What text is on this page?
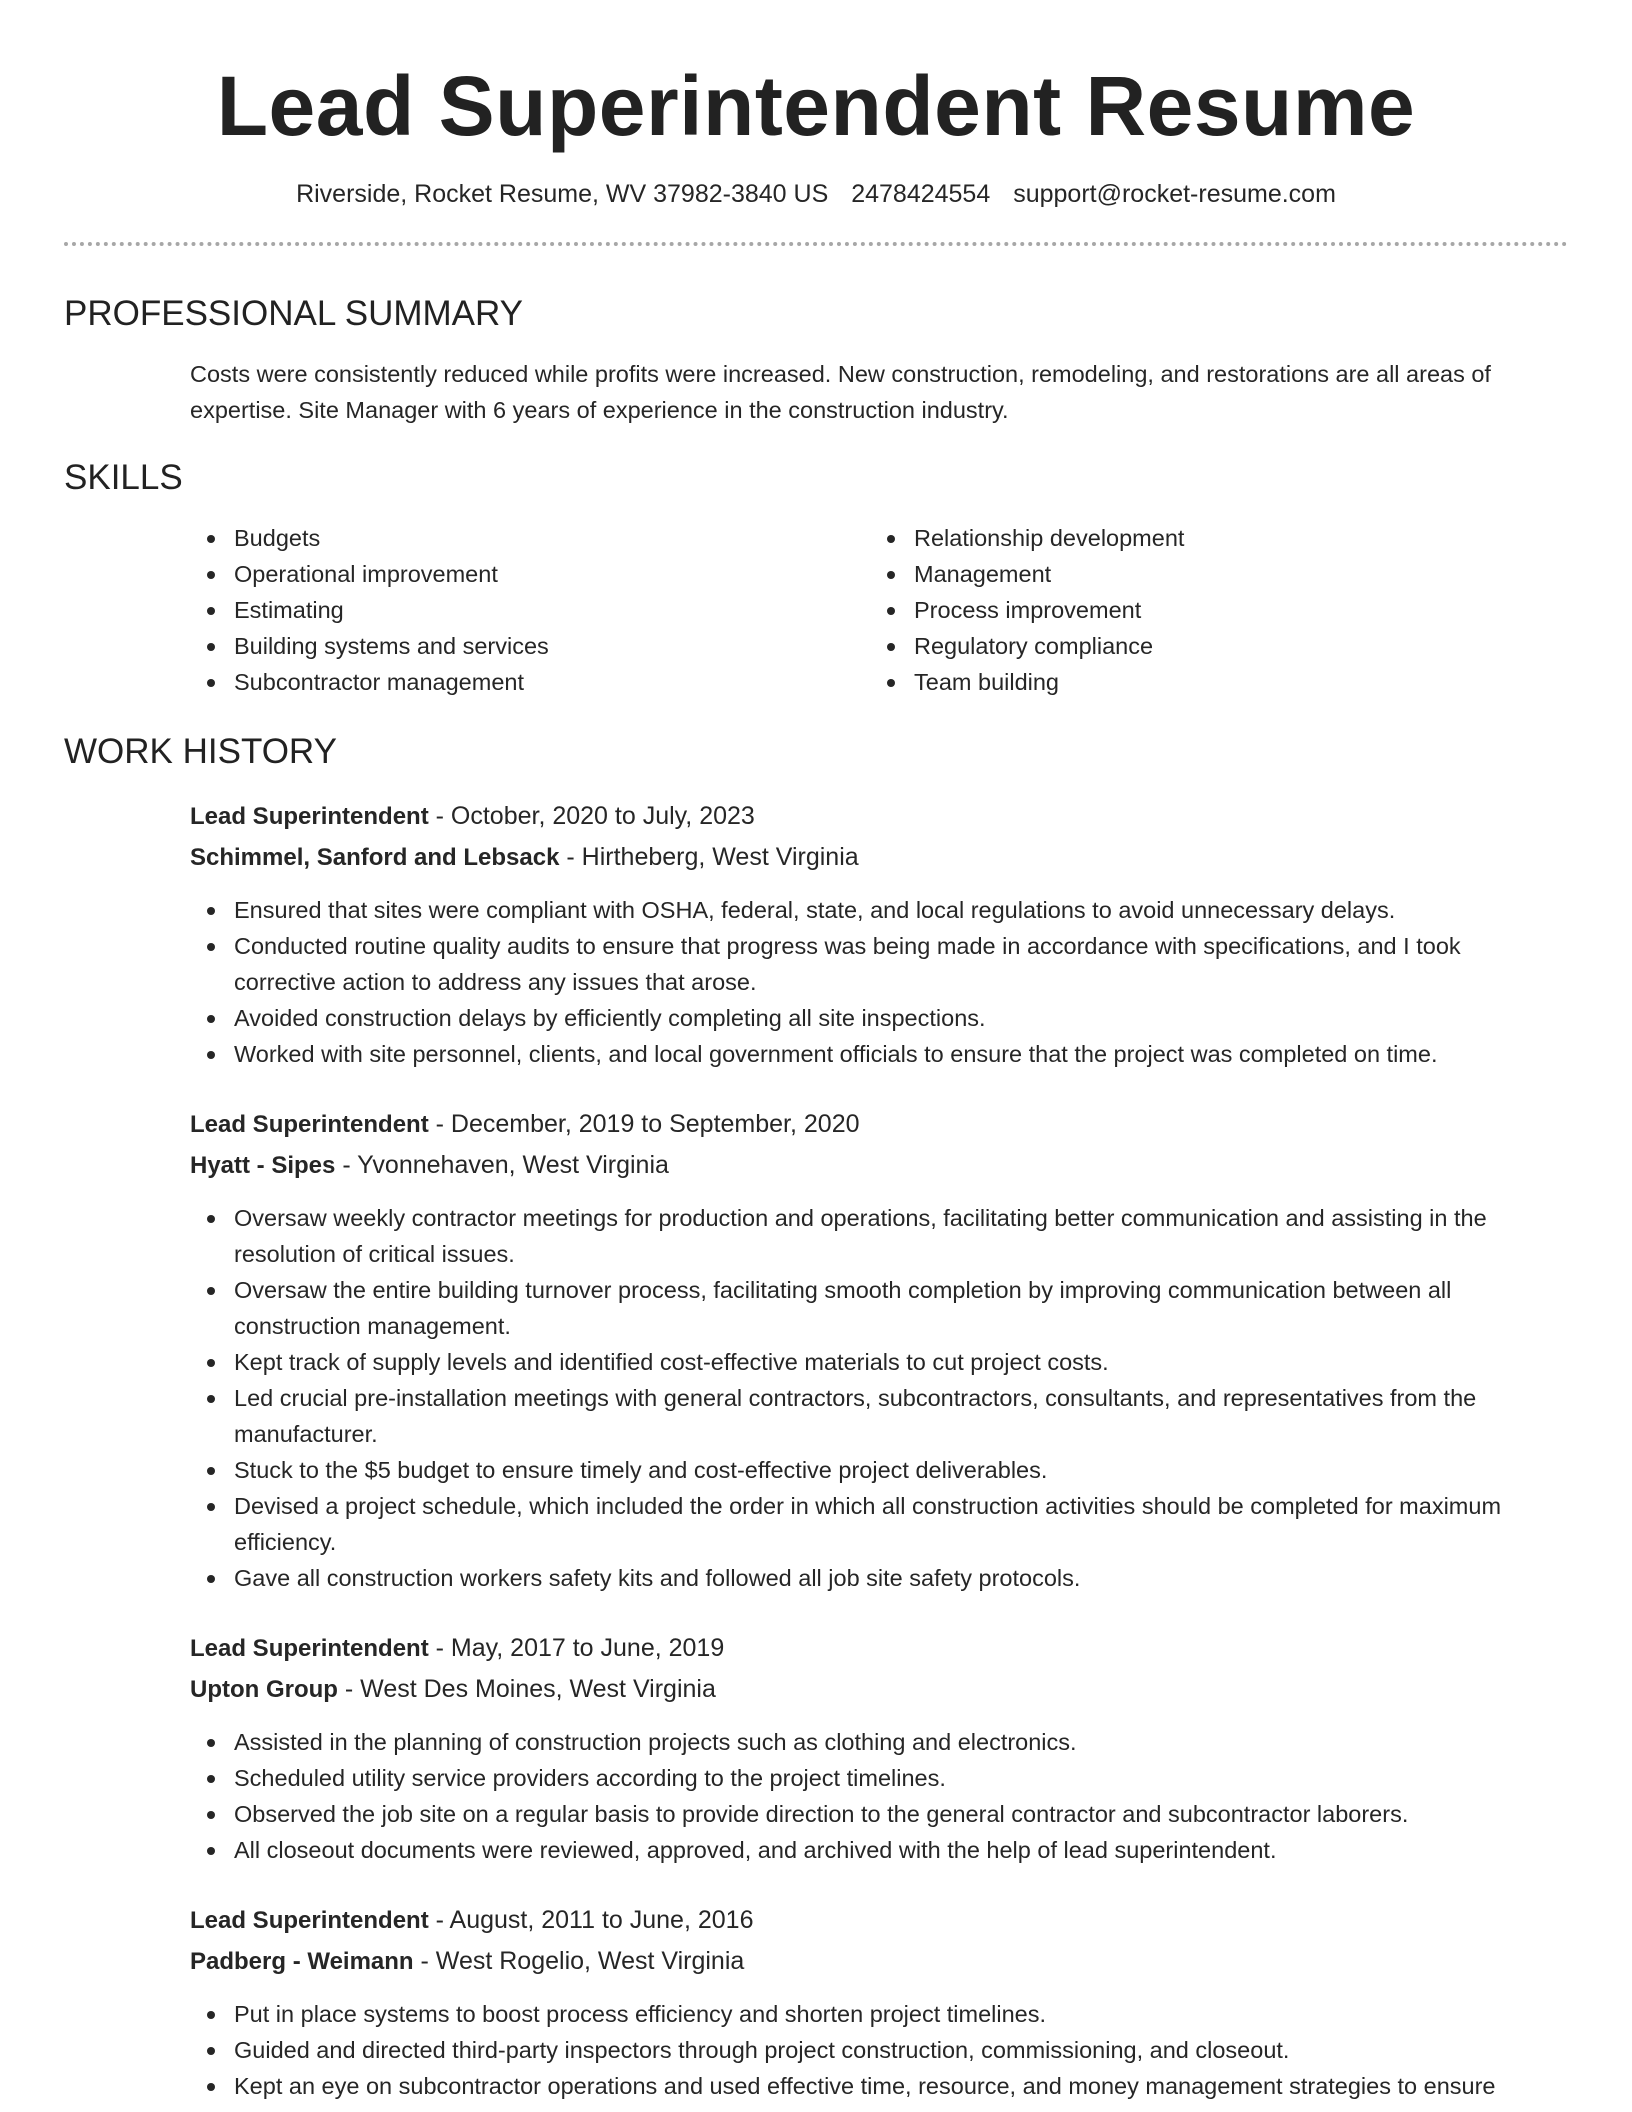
Lead Superintendent Resume
Riverside, Rocket Resume, WV 37982-3840 US 2478424554 support@rocket-resume.com
PROFESSIONAL SUMMARY

Costs were consistently reduced while profits were increased. New construction, remodeling, and restorations are all areas of expertise. Site Manager with 6 years of experience in the construction industry.

SKILLS
Budgets
Operational improvement
Estimating
Building systems and services
Subcontractor management
Relationship development
Management
Process improvement
Regulatory compliance
Team building
WORK HISTORY
Lead Superintendent - October, 2020 to July, 2023
Schimmel, Sanford and Lebsack - Hirtheberg, West Virginia
Ensured that sites were compliant with OSHA, federal, state, and local regulations to avoid unnecessary delays.
Conducted routine quality audits to ensure that progress was being made in accordance with specifications, and I took corrective action to address any issues that arose.
Avoided construction delays by efficiently completing all site inspections.
Worked with site personnel, clients, and local government officials to ensure that the project was completed on time.
Lead Superintendent - December, 2019 to September, 2020
Hyatt - Sipes - Yvonnehaven, West Virginia
Oversaw weekly contractor meetings for production and operations, facilitating better communication and assisting in the resolution of critical issues.
Oversaw the entire building turnover process, facilitating smooth completion by improving communication between all construction management.
Kept track of supply levels and identified cost-effective materials to cut project costs.
Led crucial pre-installation meetings with general contractors, subcontractors, consultants, and representatives from the manufacturer.
Stuck to the $5 budget to ensure timely and cost-effective project deliverables.
Devised a project schedule, which included the order in which all construction activities should be completed for maximum efficiency.
Gave all construction workers safety kits and followed all job site safety protocols.
Lead Superintendent - May, 2017 to June, 2019
Upton Group - West Des Moines, West Virginia
Assisted in the planning of construction projects such as clothing and electronics.
Scheduled utility service providers according to the project timelines.
Observed the job site on a regular basis to provide direction to the general contractor and subcontractor laborers.
All closeout documents were reviewed, approved, and archived with the help of lead superintendent.
Lead Superintendent - August, 2011 to June, 2016
Padberg - Weimann - West Rogelio, West Virginia
Put in place systems to boost process efficiency and shorten project timelines.
Guided and directed third-party inspectors through project construction, commissioning, and closeout.
Kept an eye on subcontractor operations and used effective time, resource, and money management strategies to ensure
